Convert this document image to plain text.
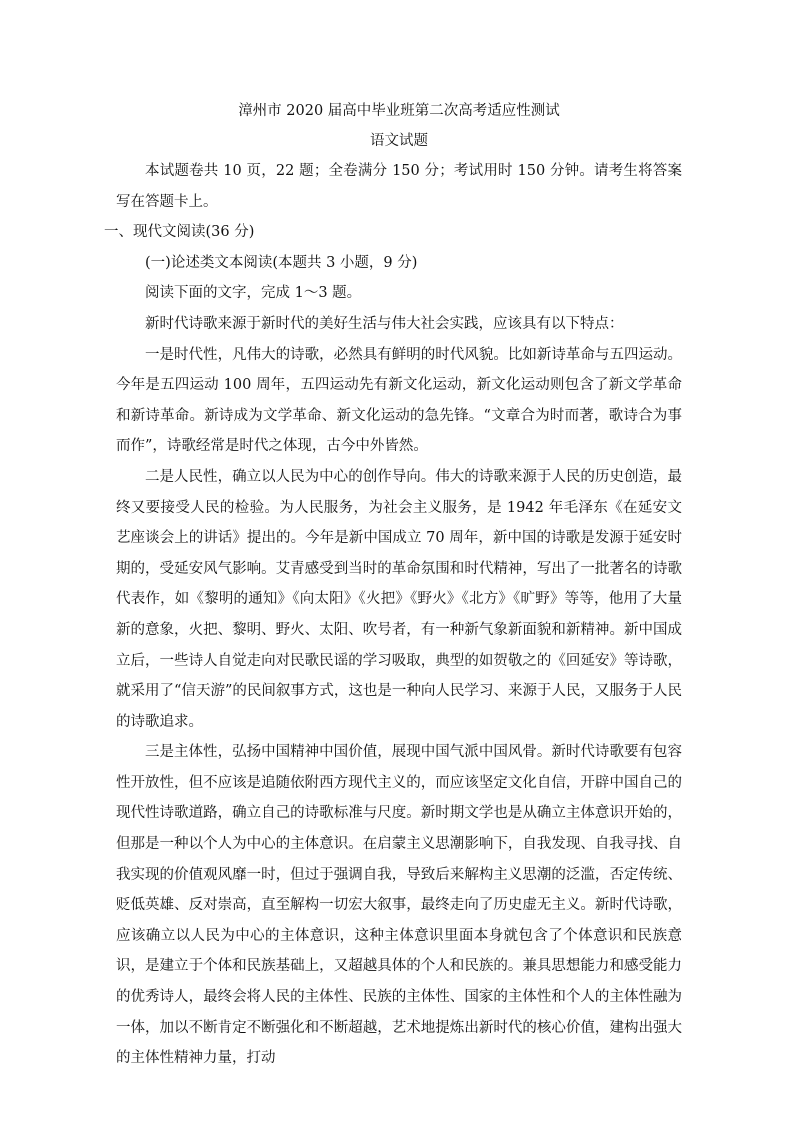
漳州市 2020 届高中毕业班第二次高考适应性测试

语文试题

本试题卷共 10 页，22 题；全卷满分 150 分；考试用时 150 分钟。请考生将答案写在答题卡上。

一、现代文阅读(36 分)

(一)论述类文本阅读(本题共 3 小题，9 分)

阅读下面的文字，完成 1～3 题。

新时代诗歌来源于新时代的美好生活与伟大社会实践，应该具有以下特点：

一是时代性，凡伟大的诗歌，必然具有鲜明的时代风貌。比如新诗革命与五四运动。今年是五四运动 100 周年，五四运动先有新文化运动，新文化运动则包含了新文学革命和新诗革命。新诗成为文学革命、新文化运动的急先锋。“文章合为时而著，歌诗合为事而作”，诗歌经常是时代之体现，古今中外皆然。

二是人民性，确立以人民为中心的创作导向。伟大的诗歌来源于人民的历史创造，最终又要接受人民的检验。为人民服务，为社会主义服务，是 1942 年毛泽东《在延安文艺座谈会上的讲话》提出的。今年是新中国成立 70 周年，新中国的诗歌是发源于延安时期的，受延安风气影响。艾青感受到当时的革命氛围和时代精神，写出了一批著名的诗歌代表作，如《黎明的通知》《向太阳》《火把》《野火》《北方》《旷野》等等，他用了大量新的意象，火把、黎明、野火、太阳、吹号者，有一种新气象新面貌和新精神。新中国成立后，一些诗人自觉走向对民歌民谣的学习吸取，典型的如贺敬之的《回延安》等诗歌，就采用了“信天游”的民间叙事方式，这也是一种向人民学习、来源于人民，又服务于人民的诗歌追求。

三是主体性，弘扬中国精神中国价值，展现中国气派中国风骨。新时代诗歌要有包容性开放性，但不应该是追随依附西方现代主义的，而应该坚定文化自信，开辟中国自己的现代性诗歌道路，确立自己的诗歌标准与尺度。新时期文学也是从确立主体意识开始的，但那是一种以个人为中心的主体意识。在启蒙主义思潮影响下，自我发现、自我寻找、自我实现的价值观风靡一时，但过于强调自我，导致后来解构主义思潮的泛滥，否定传统、贬低英雄、反对崇高，直至解构一切宏大叙事，最终走向了历史虚无主义。新时代诗歌，应该确立以人民为中心的主体意识，这种主体意识里面本身就包含了个体意识和民族意识，是建立于个体和民族基础上，又超越具体的个人和民族的。兼具思想能力和感受能力的优秀诗人，最终会将人民的主体性、民族的主体性、国家的主体性和个人的主体性融为一体，加以不断肯定不断强化和不断超越，艺术地提炼出新时代的核心价值，建构出强大的主体性精神力量，打动
